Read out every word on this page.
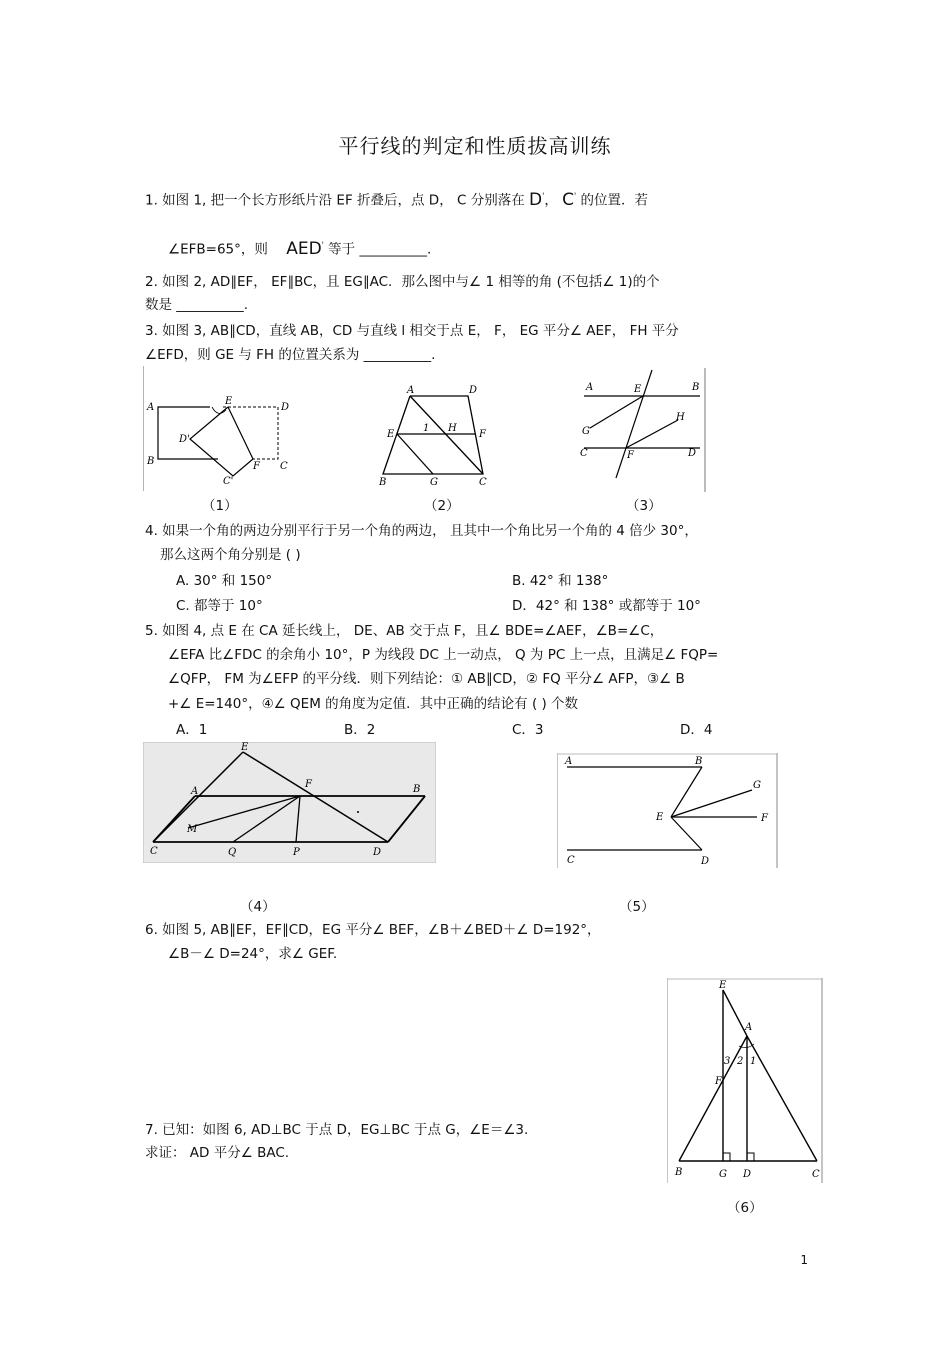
平行线的判定和性质拔高训练
1. 如图 1, 把一个长方形纸片沿 EF 折叠后，点 D， C 分别落在 D'， C' 的位置．若
∠EFB=65°，则 AED' 等于 __________.
2. 如图 2, AD∥EF， EF∥BC，且 EG∥AC．那么图中与∠ 1 相等的角 (不包括∠ 1)的个
数是 __________.
3. 如图 3, AB∥CD，直线 AB，CD 与直线 l 相交于点 E， F， EG 平分∠ AEF， FH 平分
∠EFD，则 GE 与 FH 的位置关系为 __________.
A
E
D
D'
B	F C
C'
A	D
E
1 H
F
B	G	C
A	E	B
G
H
C	F	D
（1）	（2）	（3）
4. 如果一个角的两边分别平行于另一个角的两边， 且其中一个角比另一个角的 4 倍少 30°，
那么这两个角分别是 ( )
A. 30° 和 150°	B. 42° 和 138°
C. 都等于 10°	D．42° 和 138° 或都等于 10°
5. 如图 4, 点 E 在 CA 延长线上， DE、AB 交于点 F，且∠ BDE=∠AEF，∠B=∠C，
∠EFA 比∠FDC 的余角小 10°，P 为线段 DC 上一动点， Q 为 PC 上一点，且满足∠ FQP=
∠QFP， FM 为∠EFP 的平分线．则下列结论：① AB∥CD，② FQ 平分∠ AFP，③∠ B
+∠ E=140°，④∠ QEM 的角度为定值．其中正确的结论有 ( ) 个数
A．1	B．2	C．3	D．4
E
A
F	B
M
C	Q	P	D
A	B
G
E	F
C	D
（4）	（5）
6. 如图 5, AB∥EF，EF∥CD，EG 平分∠ BEF，∠B＋∠BED＋∠ D=192°，
∠B－∠ D=24°，求∠ GEF.
E
A
3 2 1
F
B	G D	C
7. 已知：如图 6, AD⊥BC 于点 D，EG⊥BC 于点 G，∠E＝∠3.
求证： AD 平分∠ BAC.
（6）
1
